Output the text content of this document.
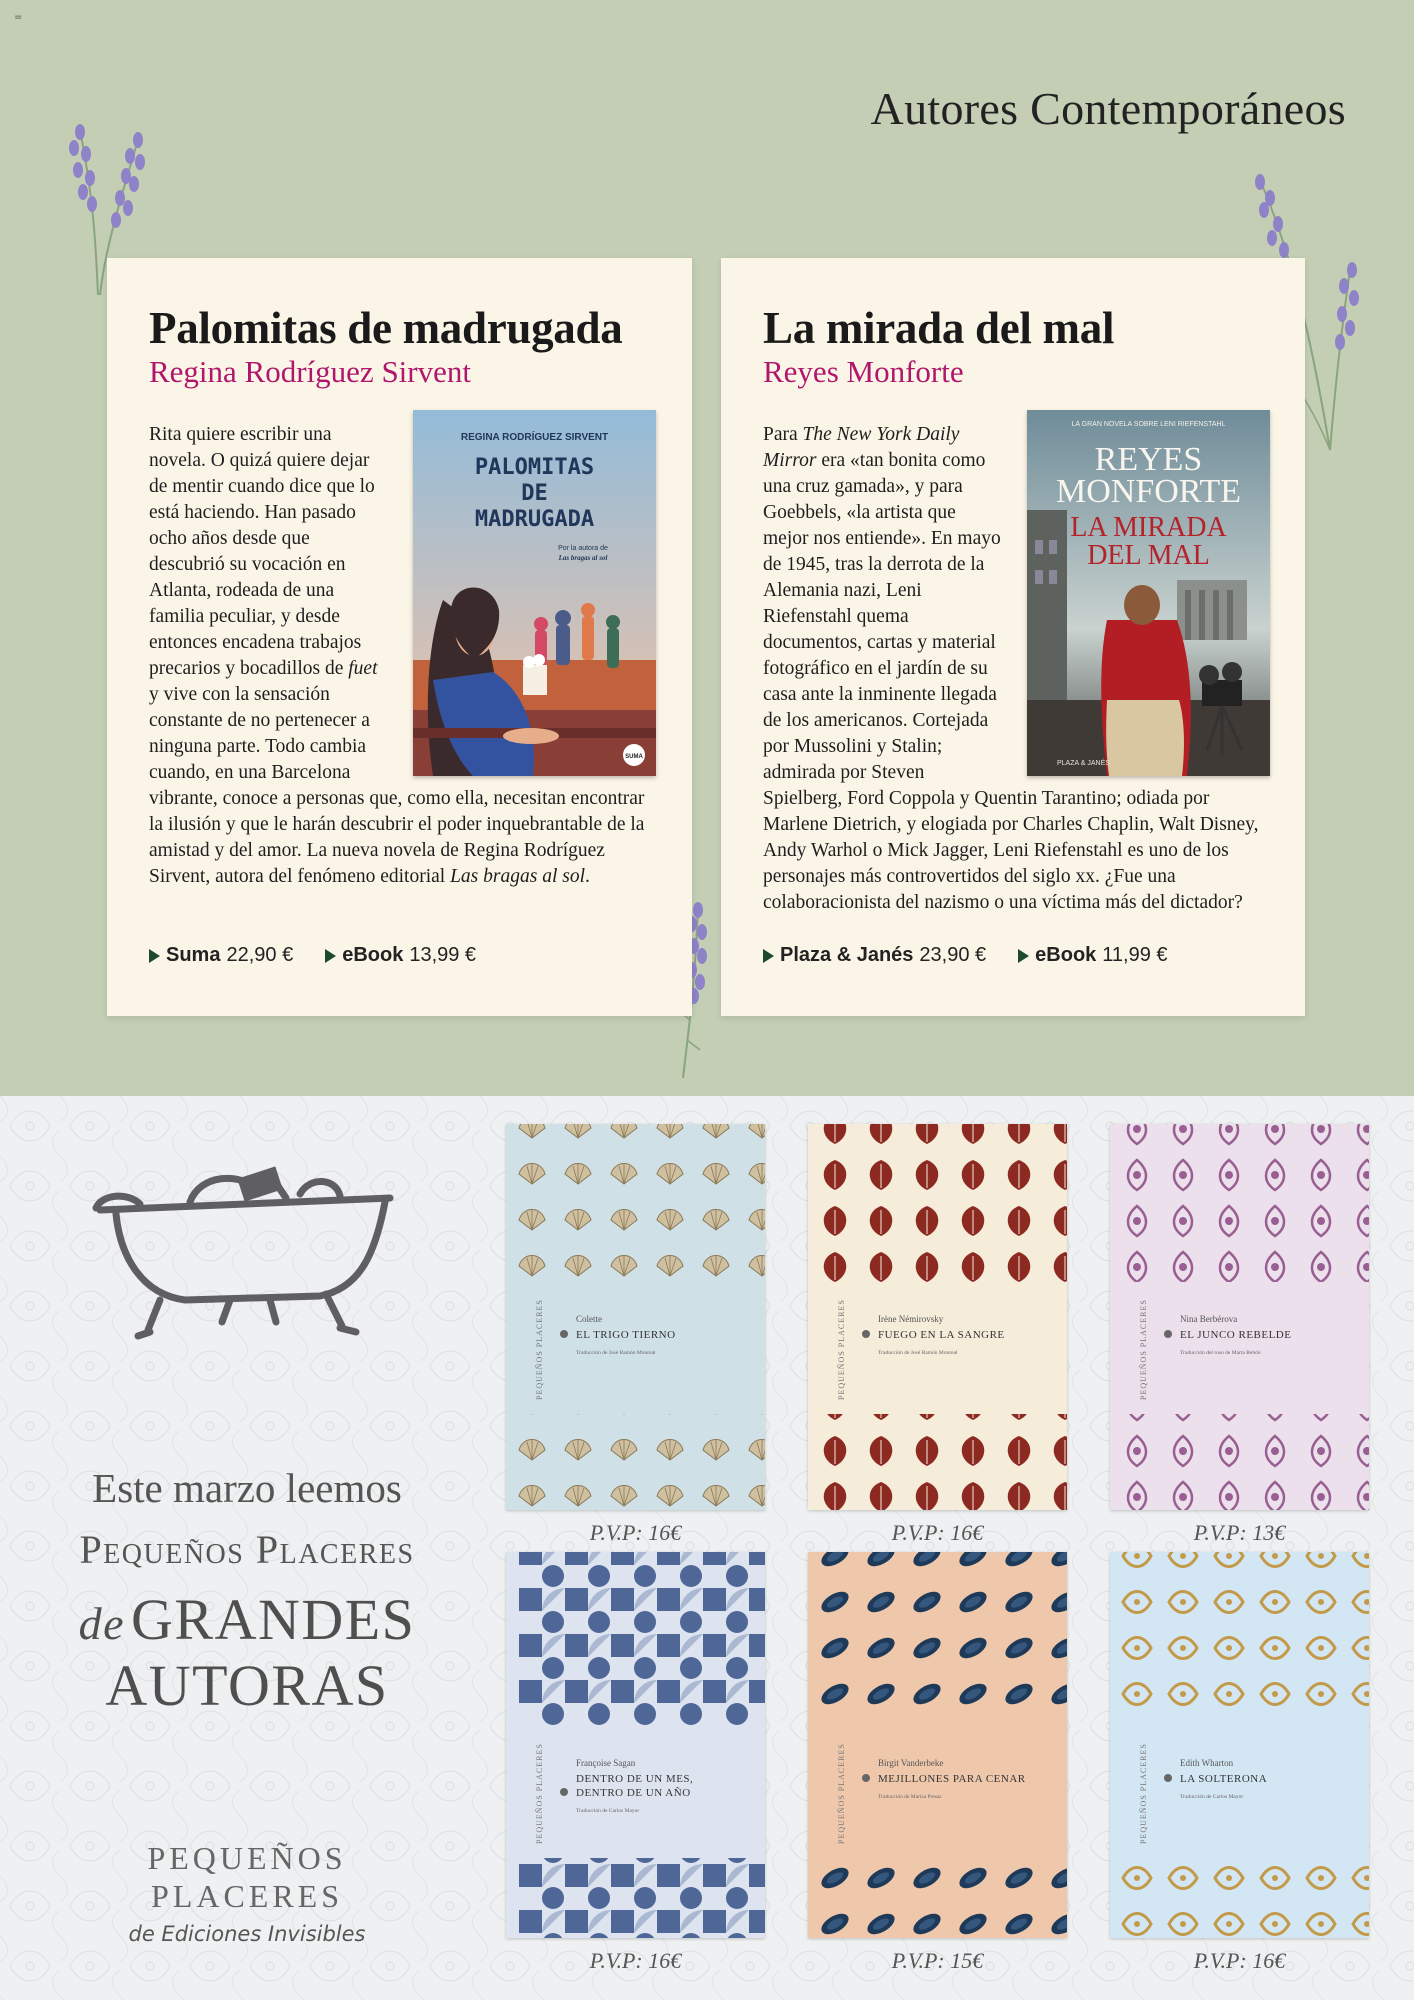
=
Autores Contemporáneos
Palomitas de madrugada
Regina Rodríguez Sirvent
REGINA RODRÍGUEZ SIRVENT
PALOMITAS
DE
MADRUGADA
Por la autora de
Las bragas al sol
SUMA
Rita quiere escribir una novela. O quizá quiere dejar de mentir cuando dice que lo está haciendo. Han pasado ocho años desde que descubrió su vocación en Atlanta, rodeada de una familia peculiar, y desde entonces encadena trabajos precarios y bocadillos de fuet y vive con la sensación constante de no pertenecer a ninguna parte. Todo cambia cuando, en una Barcelona vibrante, conoce a personas que, como ella, necesitan encontrar la ilusión y que le harán descubrir el poder inquebrantable de la amistad y del amor. La nueva novela de Regina Rodríguez Sirvent, autora del fenómeno editorial Las bragas al sol.
Suma 22,90 € eBook 13,99 €
La mirada del mal
Reyes Monforte
LA GRAN NOVELA SOBRE LENI RIEFENSTAHL
REYES
MONFORTE
LA MIRADA
DEL MAL
PLAZA & JANÉS
Para The New York Daily Mirror era «tan bonita como una cruz gamada», y para Goebbels, «la artista que mejor nos entiende». En mayo de 1945, tras la derrota de la Alemania nazi, Leni Riefenstahl quema documentos, cartas y material fotográfico en el jardín de su casa ante la inminente llegada de los americanos. Cortejada por Mussolini y Stalin; admirada por Steven Spielberg, Ford Coppola y Quentin Tarantino; odiada por Marlene Dietrich, y elogiada por Charles Chaplin, Walt Disney, Andy Warhol o Mick Jagger, Leni Riefenstahl es uno de los personajes más controvertidos del siglo xx. ¿Fue una colaboracionista del nazismo o una víctima más del dictador?
Plaza & Janés 23,90 € eBook 11,99 €
Este marzo leemos
Pequeños Placeres
de GRANDES
AUTORAS
PEQUEÑOS
PLACERES
de Ediciones Invisibles
PEQUEÑOS PLACERES	Colette
EL TRIGO TIERNO
Traducción de José Ramón Monreal
P.V.P: 16€
PEQUEÑOS PLACERES	Irène Némirovsky
FUEGO EN LA SANGRE
Traducción de José Ramón Monreal
P.V.P: 16€
PEQUEÑOS PLACERES	Nina Berbérova
EL JUNCO REBELDE
Traducción del ruso de Marta Rebón
P.V.P: 13€
PEQUEÑOS PLACERES	Françoise Sagan
DENTRO DE UN MES,
DENTRO DE UN AÑO
Traducción de Carlos Mayor
P.V.P: 16€
PEQUEÑOS PLACERES	Birgit Vanderbeke
MEJILLONES PARA CENAR
Traducción de Marisa Presas
P.V.P: 15€
PEQUEÑOS PLACERES	Edith Wharton
LA SOLTERONA
Traducción de Carlos Mayor
P.V.P: 16€
